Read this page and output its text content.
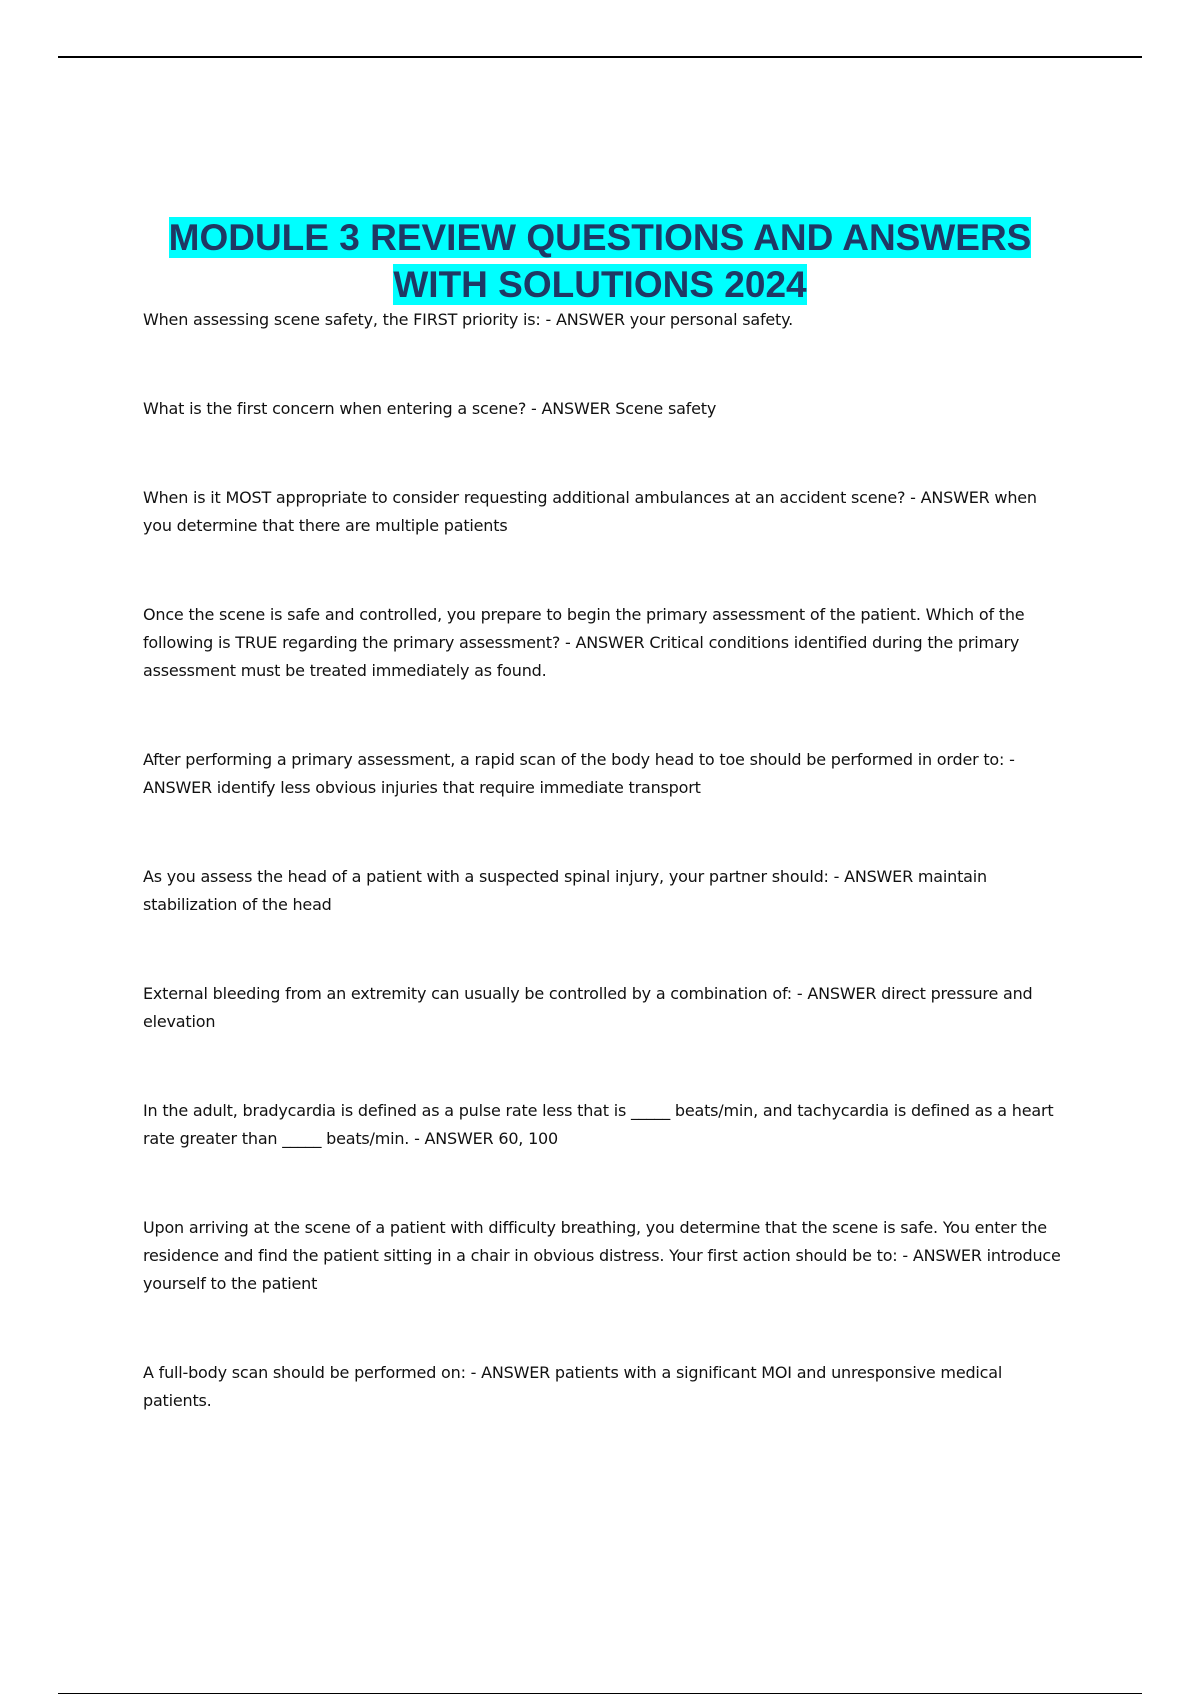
MODULE 3 REVIEW QUESTIONS AND ANSWERS
WITH SOLUTIONS 2024

When assessing scene safety, the FIRST priority is: - ANSWER your personal safety.

What is the first concern when entering a scene? - ANSWER Scene safety

When is it MOST appropriate to consider requesting additional ambulances at an accident scene? - ANSWER when you determine that there are multiple patients

Once the scene is safe and controlled, you prepare to begin the primary assessment of the patient. Which of the following is TRUE regarding the primary assessment? - ANSWER Critical conditions identified during the primary assessment must be treated immediately as found.

After performing a primary assessment, a rapid scan of the body head to toe should be performed in order to: - ANSWER identify less obvious injuries that require immediate transport

As you assess the head of a patient with a suspected spinal injury, your partner should: - ANSWER maintain stabilization of the head

External bleeding from an extremity can usually be controlled by a combination of: - ANSWER direct pressure and elevation

In the adult, bradycardia is defined as a pulse rate less that is _____ beats/min, and tachycardia is defined as a heart rate greater than _____ beats/min. - ANSWER 60, 100

Upon arriving at the scene of a patient with difficulty breathing, you determine that the scene is safe. You enter the residence and find the patient sitting in a chair in obvious distress. Your first action should be to: - ANSWER introduce yourself to the patient

A full-body scan should be performed on: - ANSWER patients with a significant MOI and unresponsive medical patients.
